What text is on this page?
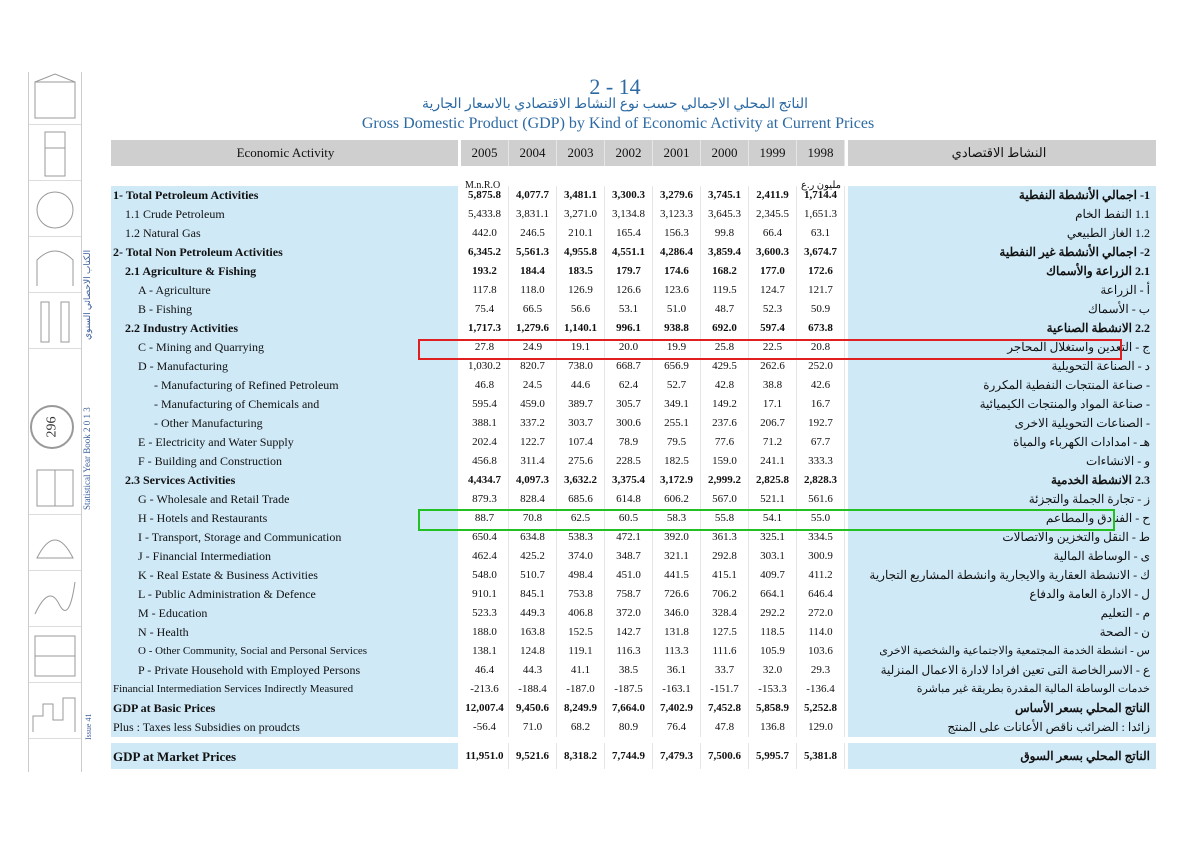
296	Statistical Year Book 2 0 1 3
الكتاب الاحصائي السنوي
Issue 41
2 - 14
الناتج المحلي الاجمالي حسب نوع النشاط الاقتصادي بالاسعار الجارية
Gross Domestic Product (GDP) by Kind of Economic Activity at Current Prices
Economic Activity		2005	2004	2003	2002	2001	2000	1999	1998		النشاط الاقتصادي

		M.n.R.O مليون ر.ع									

1- Total Petroleum Activities		5,875.8	4,077.7	3,481.1	3,300.3	3,279.6	3,745.1	2,411.9	1,714.4		1- اجمالي الأنشطة النفطية
1.1 Crude Petroleum		5,433.8	3,831.1	3,271.0	3,134.8	3,123.3	3,645.3	2,345.5	1,651.3		1.1 النفط الخام
1.2 Natural Gas		442.0	246.5	210.1	165.4	156.3	99.8	66.4	63.1		1.2 الغاز الطبيعي
2- Total Non Petroleum Activities		6,345.2	5,561.3	4,955.8	4,551.1	4,286.4	3,859.4	3,600.3	3,674.7		2- اجمالي الأنشطة غير النفطية
2.1 Agriculture & Fishing		193.2	184.4	183.5	179.7	174.6	168.2	177.0	172.6		2.1 الزراعة والأسماك
A - Agriculture		117.8	118.0	126.9	126.6	123.6	119.5	124.7	121.7		أ - الزراعة
B - Fishing		75.4	66.5	56.6	53.1	51.0	48.7	52.3	50.9		ب - الأسماك
2.2 Industry Activities		1,717.3	1,279.6	1,140.1	996.1	938.8	692.0	597.4	673.8		2.2 الانشطة الصناعية
C - Mining and Quarrying		27.8	24.9	19.1	20.0	19.9	25.8	22.5	20.8		ج - التعدين واستغلال المحاجر
D - Manufacturing		1,030.2	820.7	738.0	668.7	656.9	429.5	262.6	252.0		د - الصناعة التحويلية
- Manufacturing of Refined Petroleum		46.8	24.5	44.6	62.4	52.7	42.8	38.8	42.6		- صناعة المنتجات النفطية المكررة
- Manufacturing of Chemicals and		595.4	459.0	389.7	305.7	349.1	149.2	17.1	16.7		- صناعة المواد والمنتجات الكيميائية
- Other Manufacturing		388.1	337.2	303.7	300.6	255.1	237.6	206.7	192.7		- الصناعات التحويلية الاخرى
E - Electricity and Water Supply		202.4	122.7	107.4	78.9	79.5	77.6	71.2	67.7		هـ - امدادات الكهرباء والمياة
F - Building and Construction		456.8	311.4	275.6	228.5	182.5	159.0	241.1	333.3		و - الانشاءات
2.3 Services Activities		4,434.7	4,097.3	3,632.2	3,375.4	3,172.9	2,999.2	2,825.8	2,828.3		2.3 الانشطة الخدمية
G - Wholesale and Retail Trade		879.3	828.4	685.6	614.8	606.2	567.0	521.1	561.6		ز - تجارة الجملة والتجزئة
H - Hotels and Restaurants		88.7	70.8	62.5	60.5	58.3	55.8	54.1	55.0		ح - الفنادق والمطاعم
I - Transport, Storage and Communication		650.4	634.8	538.3	472.1	392.0	361.3	325.1	334.5		ط - النقل والتخزين والاتصالات
J - Financial Intermediation		462.4	425.2	374.0	348.7	321.1	292.8	303.1	300.9		ى - الوساطة المالية
K - Real Estate & Business Activities		548.0	510.7	498.4	451.0	441.5	415.1	409.7	411.2		ك - الانشطة العقارية والايجارية وانشطة المشاريع التجارية
L - Public Administration & Defence		910.1	845.1	753.8	758.7	726.6	706.2	664.1	646.4		ل - الادارة العامة والدفاع
M - Education		523.3	449.3	406.8	372.0	346.0	328.4	292.2	272.0		م - التعليم
N - Health		188.0	163.8	152.5	142.7	131.8	127.5	118.5	114.0		ن - الصحة
O - Other Community, Social and Personal Services		138.1	124.8	119.1	116.3	113.3	111.6	105.9	103.6		س - انشطة الخدمة المجتمعية والاجتماعية والشخصية الاخرى
P - Private Household with Employed Persons		46.4	44.3	41.1	38.5	36.1	33.7	32.0	29.3		ع - الاسرالخاصة التى تعين افرادا لادارة الاعمال المنزلية
Financial Intermediation Services Indirectly Measured		-213.6	-188.4	-187.0	-187.5	-163.1	-151.7	-153.3	-136.4		خدمات الوساطة المالية المقدرة بطريقة غير مباشرة
GDP at Basic Prices		12,007.4	9,450.6	8,249.9	7,664.0	7,402.9	7,452.8	5,858.9	5,252.8		الناتج المحلي بسعر الأساس
Plus : Taxes less Subsidies on proudcts		-56.4	71.0	68.2	80.9	76.4	47.8	136.8	129.0		زائدا : الضرائب ناقص الأعانات على المنتج

GDP at Market Prices		11,951.0	9,521.6	8,318.2	7,744.9	7,479.3	7,500.6	5,995.7	5,381.8		الناتج المحلي بسعر السوق
